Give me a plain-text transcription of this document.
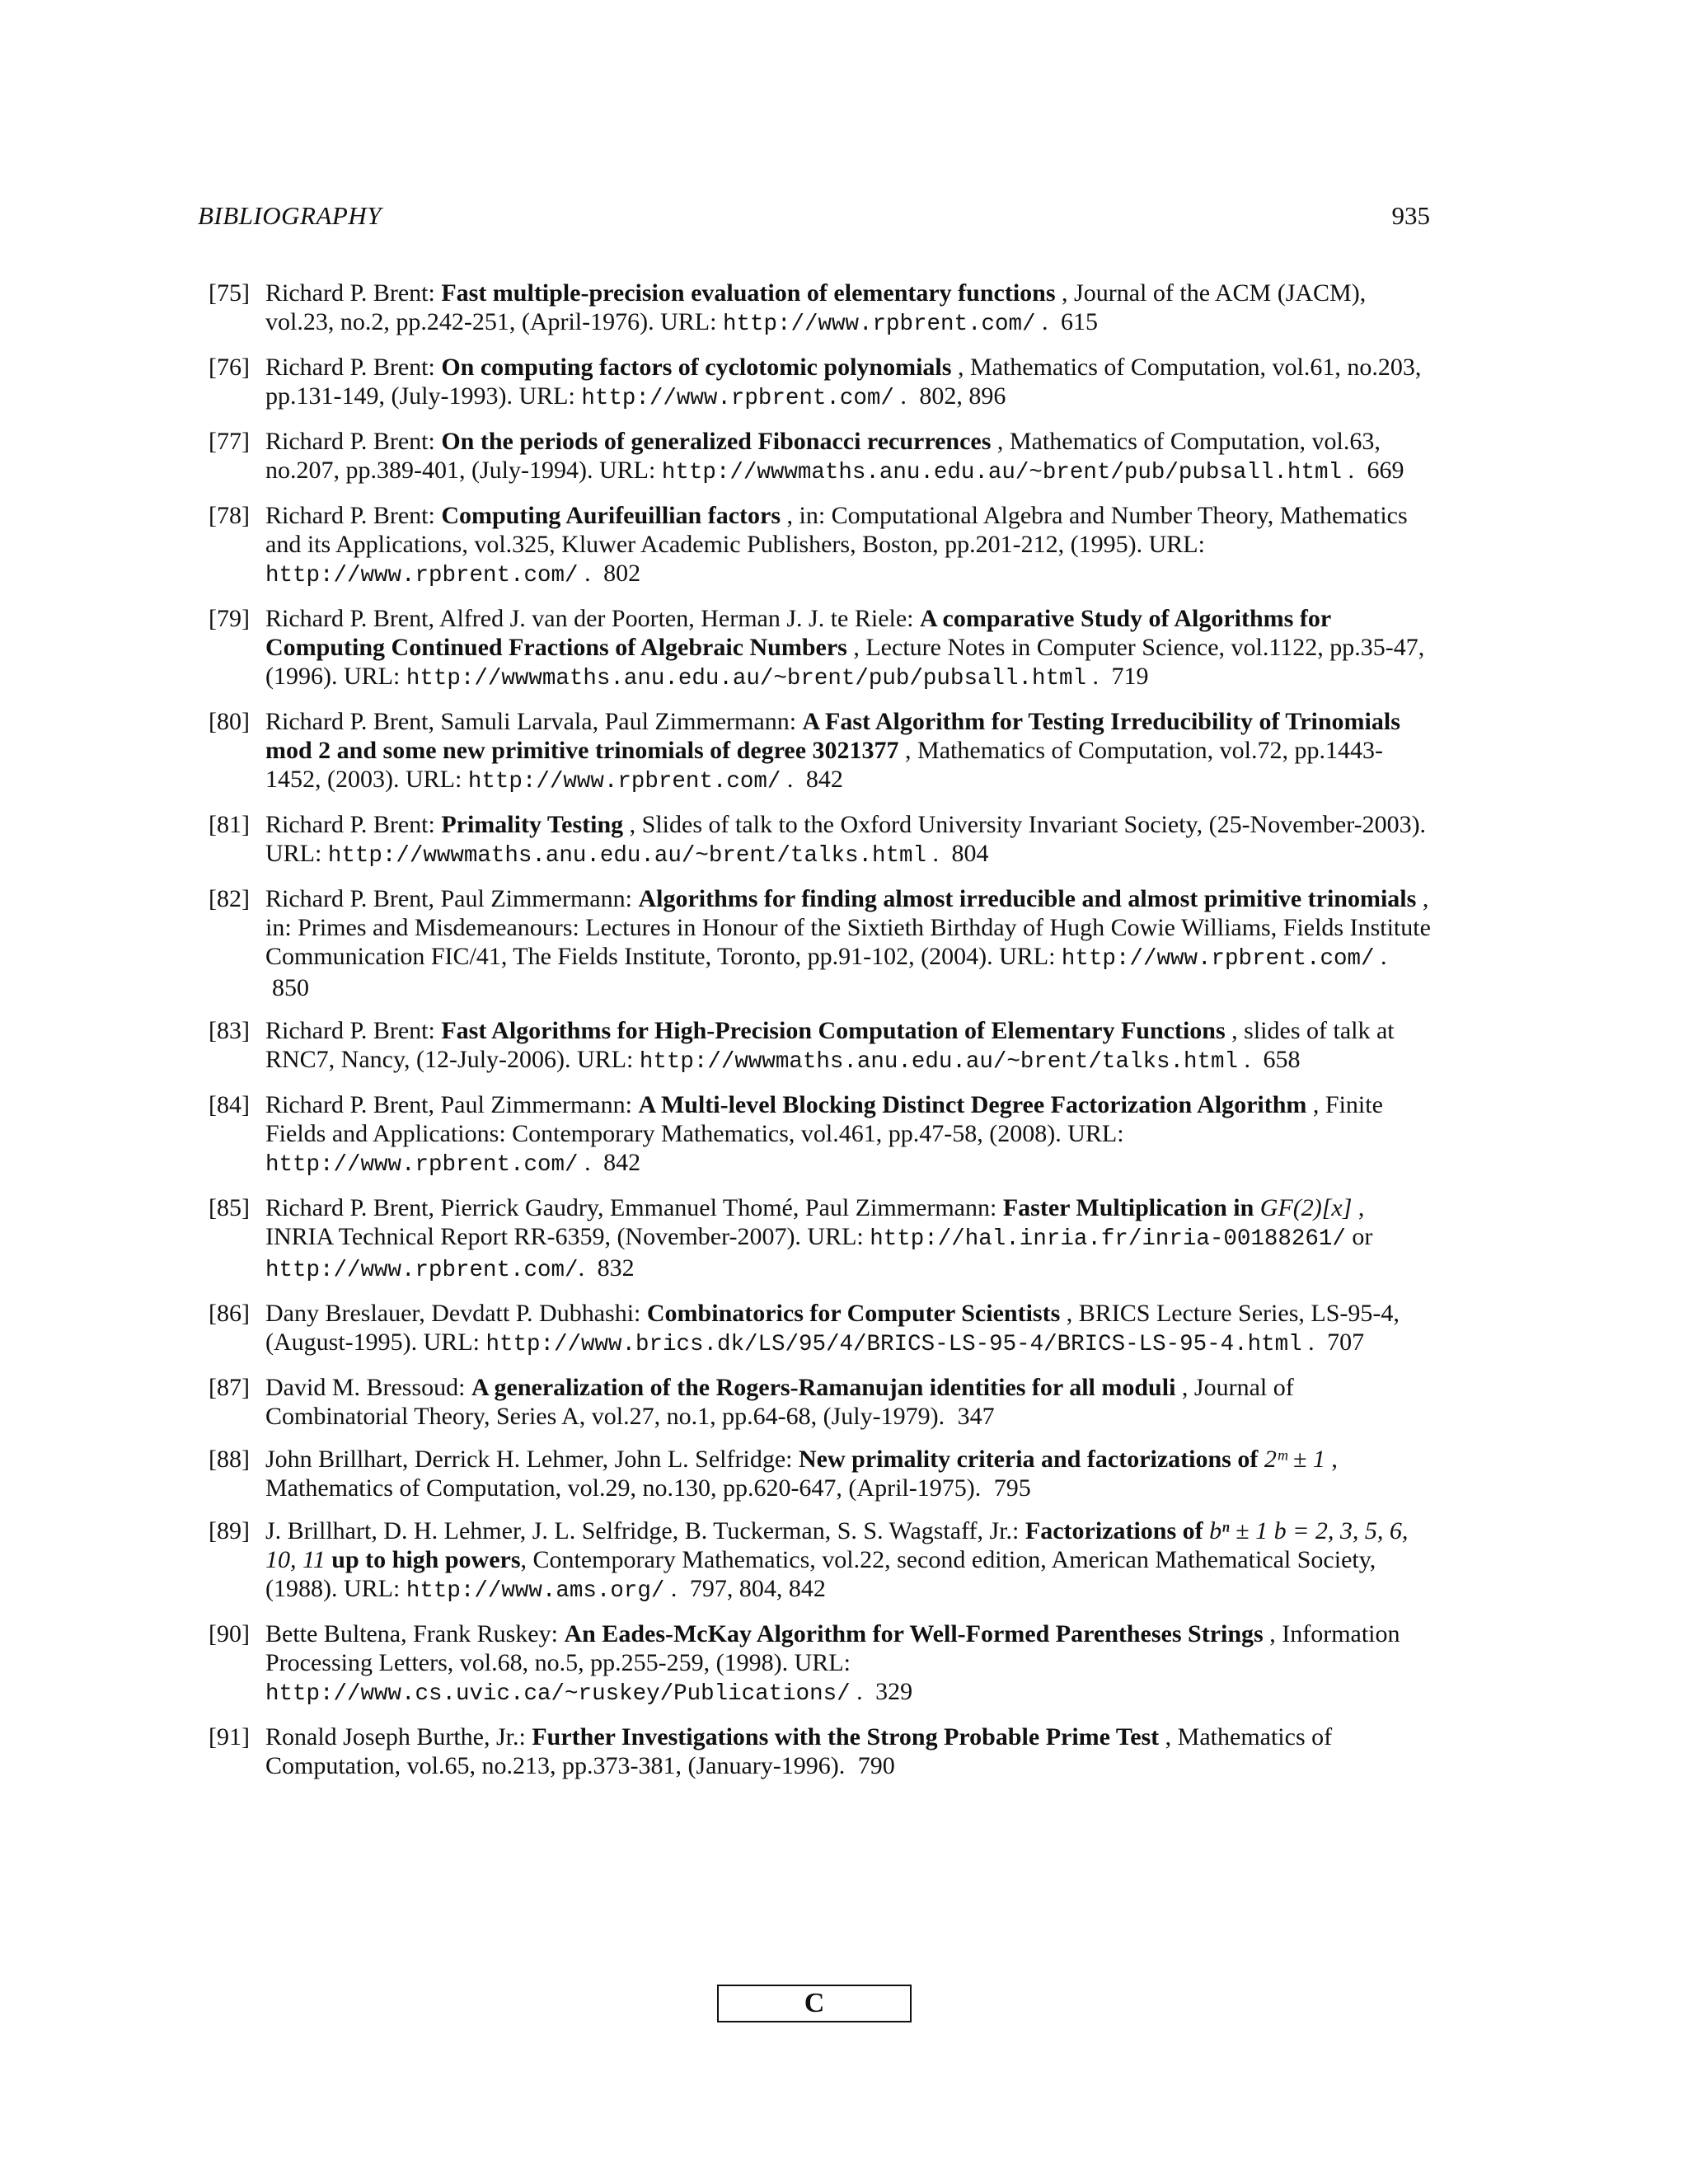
BIBLIOGRAPHY	935
[75] Richard P. Brent: Fast multiple-precision evaluation of elementary functions , Journal of the ACM (JACM), vol.23, no.2, pp.242-251, (April-1976). URL: http://www.rpbrent.com/ . 615
[76] Richard P. Brent: On computing factors of cyclotomic polynomials , Mathematics of Computation, vol.61, no.203, pp.131-149, (July-1993). URL: http://www.rpbrent.com/ . 802, 896
[77] Richard P. Brent: On the periods of generalized Fibonacci recurrences , Mathematics of Computation, vol.63, no.207, pp.389-401, (July-1994). URL: http://wwwmaths.anu.edu.au/~brent/pub/pubsall.html . 669
[78] Richard P. Brent: Computing Aurifeuillian factors , in: Computational Algebra and Number Theory, Mathematics and its Applications, vol.325, Kluwer Academic Publishers, Boston, pp.201-212, (1995). URL: http://www.rpbrent.com/ . 802
[79] Richard P. Brent, Alfred J. van der Poorten, Herman J. J. te Riele: A comparative Study of Algorithms for Computing Continued Fractions of Algebraic Numbers , Lecture Notes in Computer Science, vol.1122, pp.35-47, (1996). URL: http://wwwmaths.anu.edu.au/~brent/pub/pubsall.html . 719
[80] Richard P. Brent, Samuli Larvala, Paul Zimmermann: A Fast Algorithm for Testing Irreducibility of Trinomials mod 2 and some new primitive trinomials of degree 3021377 , Mathematics of Computation, vol.72, pp.1443-1452, (2003). URL: http://www.rpbrent.com/ . 842
[81] Richard P. Brent: Primality Testing , Slides of talk to the Oxford University Invariant Society, (25-November-2003). URL: http://wwwmaths.anu.edu.au/~brent/talks.html . 804
[82] Richard P. Brent, Paul Zimmermann: Algorithms for finding almost irreducible and almost primitive trinomials , in: Primes and Misdemeanours: Lectures in Honour of the Sixtieth Birthday of Hugh Cowie Williams, Fields Institute Communication FIC/41, The Fields Institute, Toronto, pp.91-102, (2004). URL: http://www.rpbrent.com/ . 850
[83] Richard P. Brent: Fast Algorithms for High-Precision Computation of Elementary Functions , slides of talk at RNC7, Nancy, (12-July-2006). URL: http://wwwmaths.anu.edu.au/~brent/talks.html . 658
[84] Richard P. Brent, Paul Zimmermann: A Multi-level Blocking Distinct Degree Factorization Algorithm , Finite Fields and Applications: Contemporary Mathematics, vol.461, pp.47-58, (2008). URL: http://www.rpbrent.com/ . 842
[85] Richard P. Brent, Pierrick Gaudry, Emmanuel Thomé, Paul Zimmermann: Faster Multiplication in GF(2)[x] , INRIA Technical Report RR-6359, (November-2007). URL: http://hal.inria.fr/inria-00188261/ or http://www.rpbrent.com/. 832
[86] Dany Breslauer, Devdatt P. Dubhashi: Combinatorics for Computer Scientists , BRICS Lecture Series, LS-95-4, (August-1995). URL: http://www.brics.dk/LS/95/4/BRICS-LS-95-4/BRICS-LS-95-4.html . 707
[87] David M. Bressoud: A generalization of the Rogers-Ramanujan identities for all moduli , Journal of Combinatorial Theory, Series A, vol.27, no.1, pp.64-68, (July-1979). 347
[88] John Brillhart, Derrick H. Lehmer, John L. Selfridge: New primality criteria and factorizations of 2ᵐ ± 1 , Mathematics of Computation, vol.29, no.130, pp.620-647, (April-1975). 795
[89] J. Brillhart, D. H. Lehmer, J. L. Selfridge, B. Tuckerman, S. S. Wagstaff, Jr.: Factorizations of bⁿ ± 1 b = 2, 3, 5, 6, 10, 11 up to high powers, Contemporary Mathematics, vol.22, second edition, American Mathematical Society, (1988). URL: http://www.ams.org/ . 797, 804, 842
[90] Bette Bultena, Frank Ruskey: An Eades-McKay Algorithm for Well-Formed Parentheses Strings , Information Processing Letters, vol.68, no.5, pp.255-259, (1998). URL: http://www.cs.uvic.ca/~ruskey/Publications/ . 329
[91] Ronald Joseph Burthe, Jr.: Further Investigations with the Strong Probable Prime Test , Mathematics of Computation, vol.65, no.213, pp.373-381, (January-1996). 790
C
